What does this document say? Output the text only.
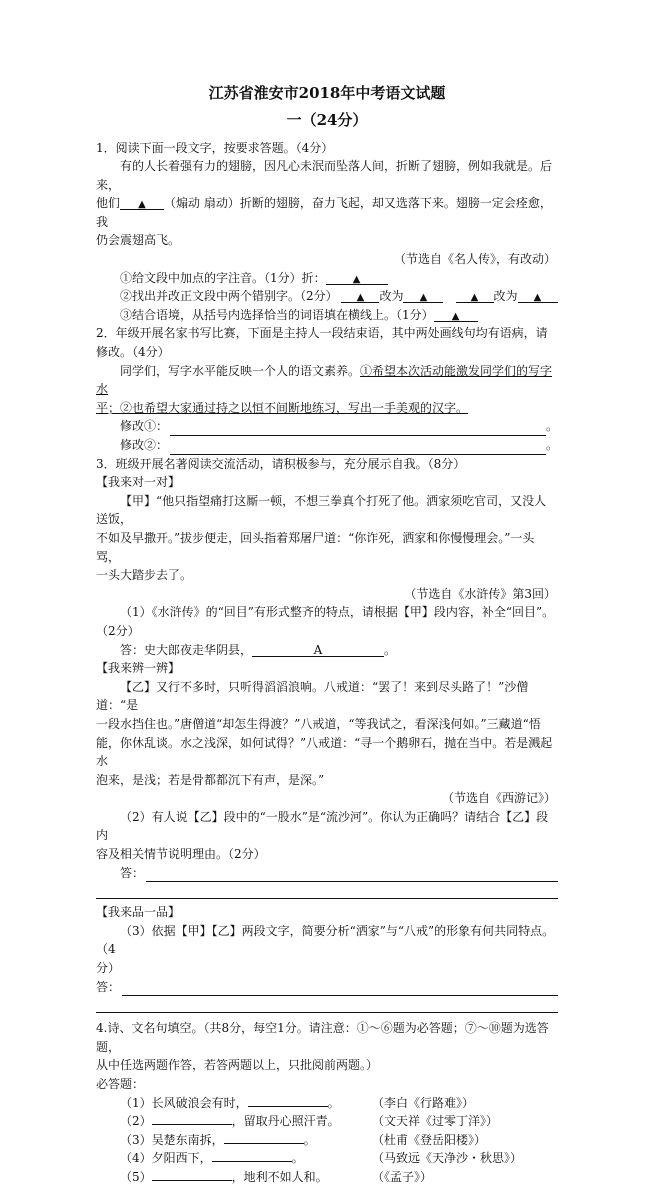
江苏省淮安市2018年中考语文试题

一（24分）

1．阅读下面一段文字，按要求答题。（4分）

有的人长着强有力的翅膀，因凡心未泯而坠落人间，折断了翅膀，例如我就是。后来，

他们 ▲ （煽动 扇动）折断的翅膀，奋力飞起，却又选落下来。翅膀一定会痊愈，我

仍会震翅高飞。

（节选自《名人传》，有改动）

①给文段中加点的字注音。（1分）折：	▲

②找出并改正文段中两个错别字。（2分） ▲ 改为 ▲　	▲ 改为 ▲

③结合语境，从括号内选择恰当的词语填在横线上。（1分） ▲

2．年级开展名家书写比赛，下面是主持人一段结束语，其中两处画线句均有语病，请修改。（4分）

同学们，写字水平能反映一个人的语文素养。①希望本次活动能激发同学们的写字水

平；②也希望大家通过持之以恒不间断地练习，写出一手美观的汉字。

修改①：	。
修改②：	。

3．班级开展名著阅读交流活动，请积极参与，充分展示自我。（8分）

【我来对一对】

【甲】“他只指望痛打这厮一顿，不想三拳真个打死了他。洒家须吃官司，又没人送饭，

不如及早撒开。”拔步便走，回头指着郑屠尸道：“你诈死，洒家和你慢慢理会。”一头骂，

一头大踏步去了。

（节选自《水浒传》第3回）

（1）《水浒传》的“回目”有形式整齐的特点，请根据【甲】段内容，补全“回目”。（2分）

答：史大郎夜走华阴县，	A	。

【我来辨一辨】

【乙】又行不多时，只听得滔滔浪响。八戒道：“罢了！来到尽头路了！”沙僧道：“是

一段水挡住也。”唐僧道“却怎生得渡？”八戒道，“等我试之，看深浅何如。”三藏道“悟

能，你休乱谈。水之浅深，如何试得？”八戒道：“寻一个鹅卵石，抛在当中。若是溅起水

泡来，是浅；若是骨都都沉下有声，是深。”

（节选自《西游记》）

（2）有人说【乙】段中的“一股水”是“流沙河”。你认为正确吗？请结合【乙】段内

容及相关情节说明理由。（2分）

答：

【我来品一品】

（3）依据【甲】【乙】两段文字，简要分析“洒家”与“八戒”的形象有何共同特点。（4

分）

答：

4.诗、文名句填空。（共8分，每空1分。请注意：①～⑥题为必答题；⑦～⑩题为选答题，

从中任选两题作答，若答两题以上，只批阅前两题。）

必答题：

（1）长风破浪会有时，	。	（李白《行路难》）
（2）	，留取丹心照汗青。	（文天祥《过零丁洋》）
（3）吴楚东南拆，	。	（杜甫《登岳阳楼》）
（4）夕阳西下，	。	（马致远《天净沙・秋思》）
（5）	，地利不如人和。	（《孟子》）
